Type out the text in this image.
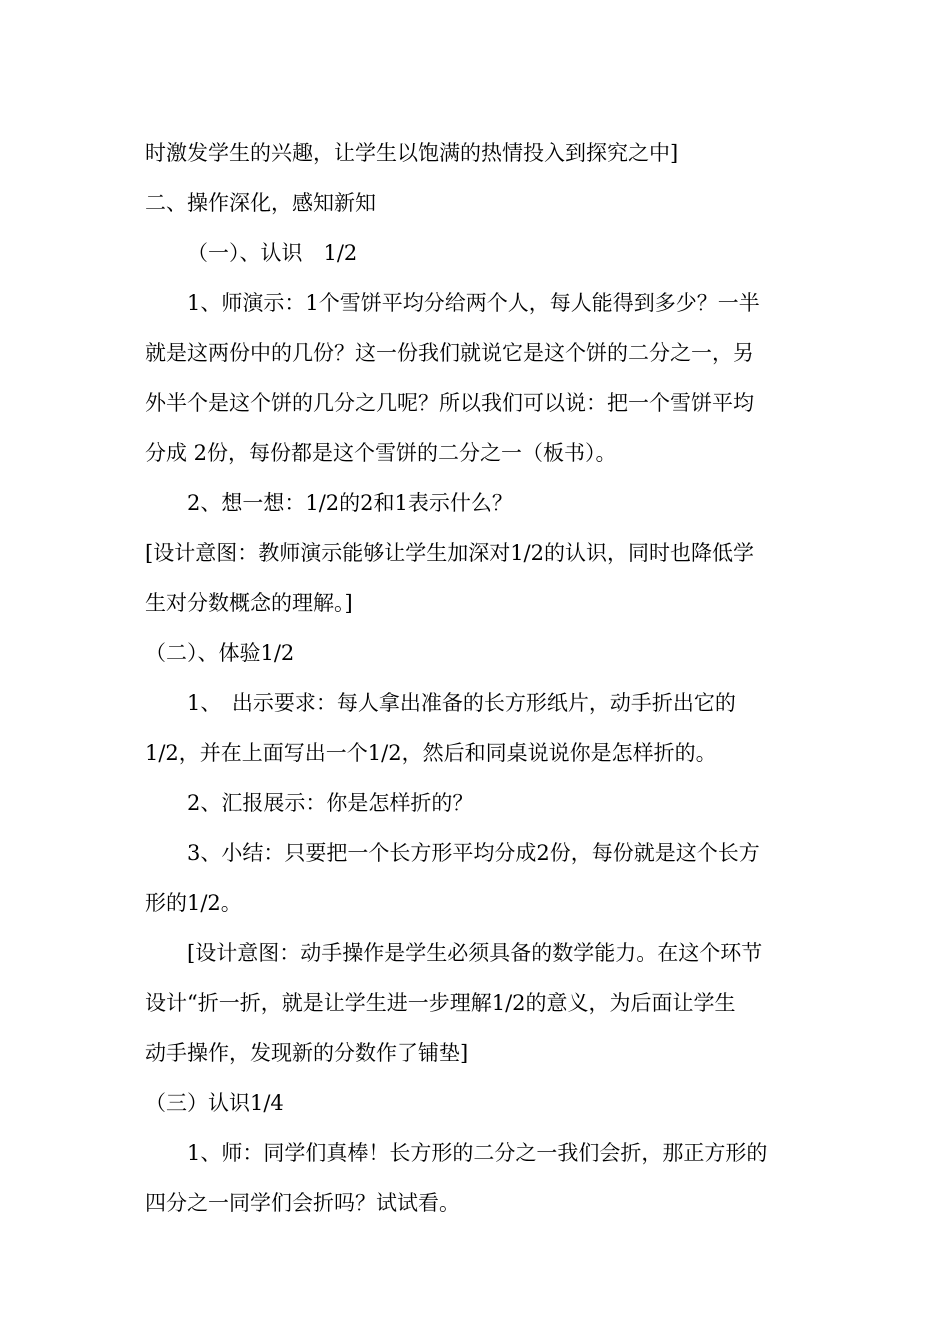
时激发学生的兴趣，让学生以饱满的热情投入到探究之中]
二、操作深化，感知新知
（一）、认识　1/2
1、师演示：1个雪饼平均分给两个人，每人能得到多少？一半
就是这两份中的几份？这一份我们就说它是这个饼的二分之一，另
外半个是这个饼的几分之几呢？所以我们可以说：把一个雪饼平均
分成 2份，每份都是这个雪饼的二分之一（板书）。
2、想一想：1/2的2和1表示什么？
[设计意图：教师演示能够让学生加深对1/2的认识，同时也降低学
生对分数概念的理解。]
（二）、体验1/2
1、　出示要求：每人拿出准备的长方形纸片，动手折出它的
1/2，并在上面写出一个1/2，然后和同桌说说你是怎样折的。
2、汇报展示：你是怎样折的？
3、小结：只要把一个长方形平均分成2份，每份就是这个长方
形的1/2。
[设计意图：动手操作是学生必须具备的数学能力。在这个环节
设计“折一折，就是让学生进一步理解1/2的意义，为后面让学生
动手操作，发现新的分数作了铺垫]
（三）认识1/4
1、师：同学们真棒！长方形的二分之一我们会折，那正方形的
四分之一同学们会折吗？试试看。
